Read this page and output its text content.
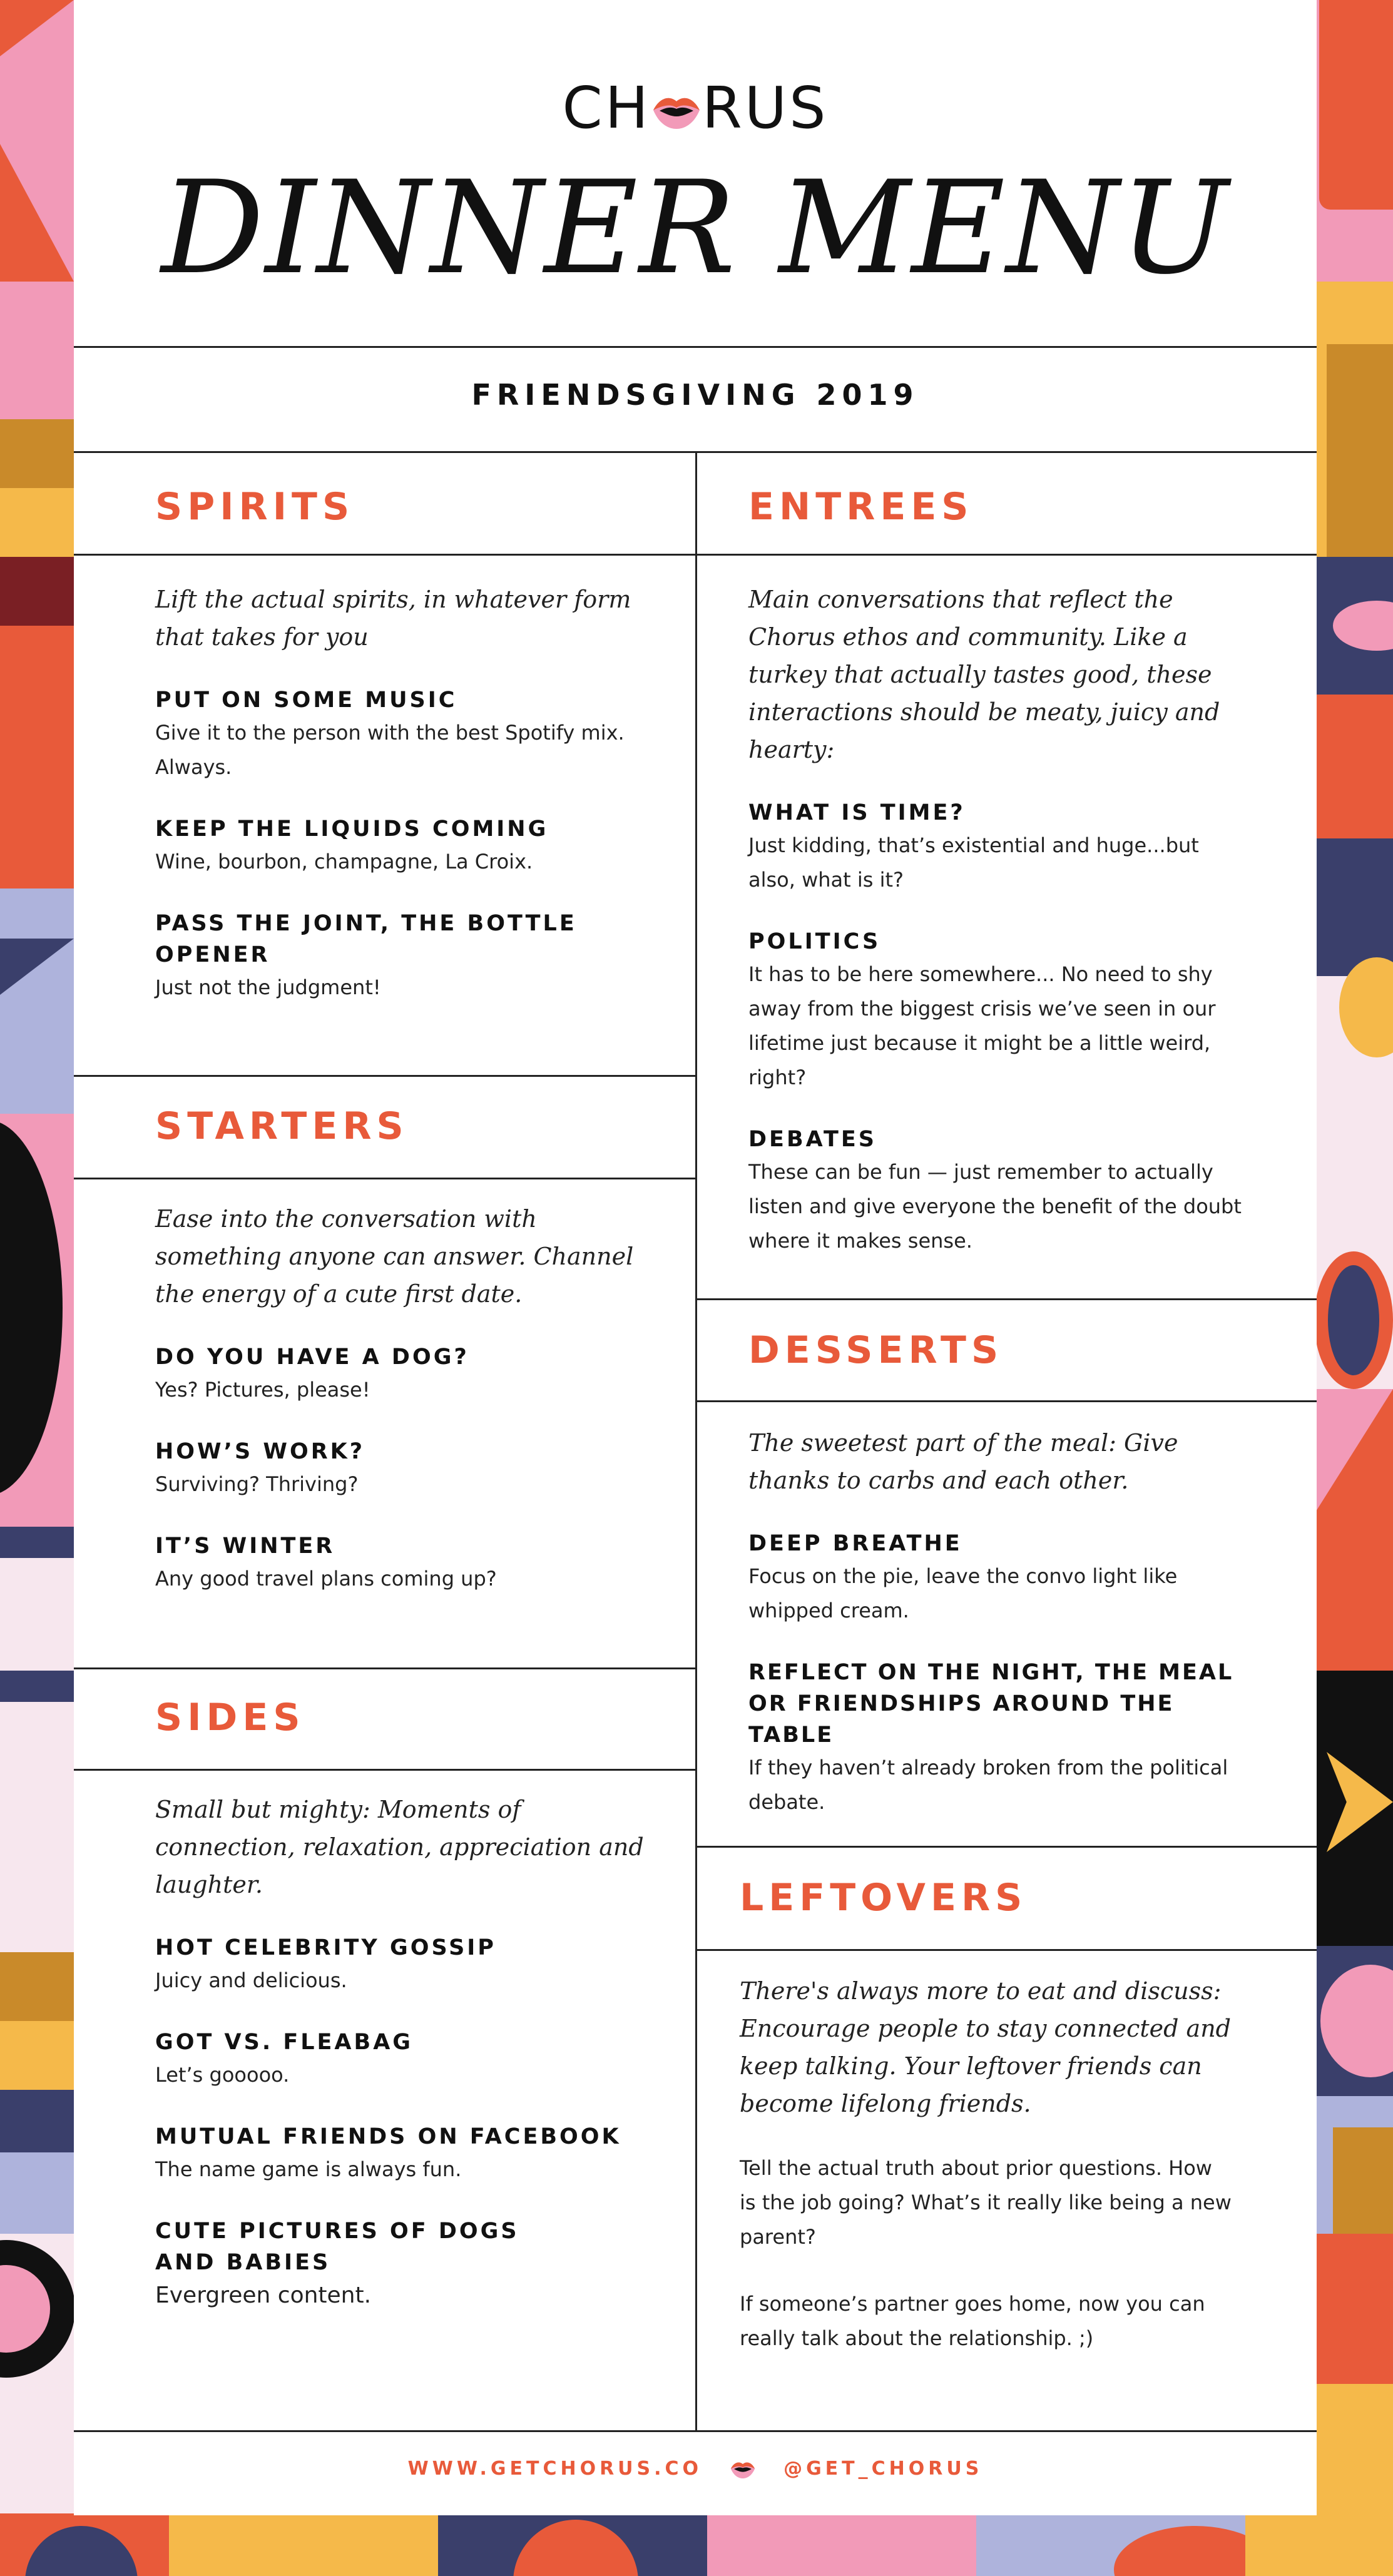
CH RUS
DINNER MENU
FRIENDSGIVING 2019
SPIRITS
Lift the actual spirits, in whatever form that takes for you
PUT ON SOME MUSIC
Give it to the person with the best Spotify mix. Always.
KEEP THE LIQUIDS COMING
Wine, bourbon, champagne, La Croix.
PASS THE JOINT, THE BOTTLE OPENER
Just not the judgment!
STARTERS
Ease into the conversation with something anyone can answer. Channel the energy of a cute first date.
DO YOU HAVE A DOG?
Yes? Pictures, please!
HOW’S WORK?
Surviving? Thriving?
IT’S WINTER
Any good travel plans coming up?
SIDES
Small but mighty: Moments of connection, relaxation, appreciation and laughter.
HOT CELEBRITY GOSSIP
Juicy and delicious.
GOT VS. FLEABAG
Let’s gooooo.
MUTUAL FRIENDS ON FACEBOOK
The name game is always fun.
CUTE PICTURES OF DOGS AND BABIES
Evergreen content.
ENTREES
Main conversations that reflect the Chorus ethos and community. Like a turkey that actually tastes good, these interactions should be meaty, juicy and hearty:
WHAT IS TIME?
Just kidding, that’s existential and huge...but also, what is it?
POLITICS
It has to be here somewhere... No need to shy away from the biggest crisis we’ve seen in our lifetime just because it might be a little weird, right?
DEBATES
These can be fun — just remember to actually listen and give everyone the benefit of the doubt where it makes sense.
DESSERTS
The sweetest part of the meal: Give thanks to carbs and each other.
DEEP BREATHE
Focus on the pie, leave the convo light like whipped cream.
REFLECT ON THE NIGHT, THE MEAL OR FRIENDSHIPS AROUND THE TABLE
If they haven’t already broken from the political debate.
LEFTOVERS
There's always more to eat and discuss: Encourage people to stay connected and keep talking. Your leftover friends can become lifelong friends.
Tell the actual truth about prior questions. How is the job going? What’s it really like being a new parent?
If someone’s partner goes home, now you can really talk about the relationship. ;)
WWW.GETCHORUS.CO	@GET_CHORUS
